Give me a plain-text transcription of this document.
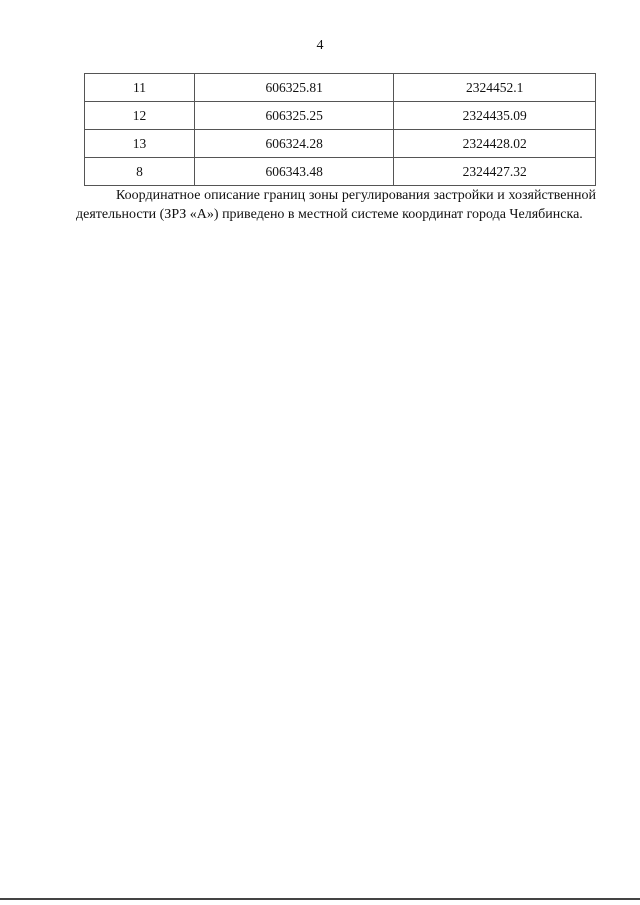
4
11	606325.81	2324452.1
12	606325.25	2324435.09
13	606324.28	2324428.02
8	606343.48	2324427.32

Координатное описание границ зоны регулирования застройки и хозяйственной деятельности (ЗРЗ «А») приведено в местной системе координат города Челябинска.
